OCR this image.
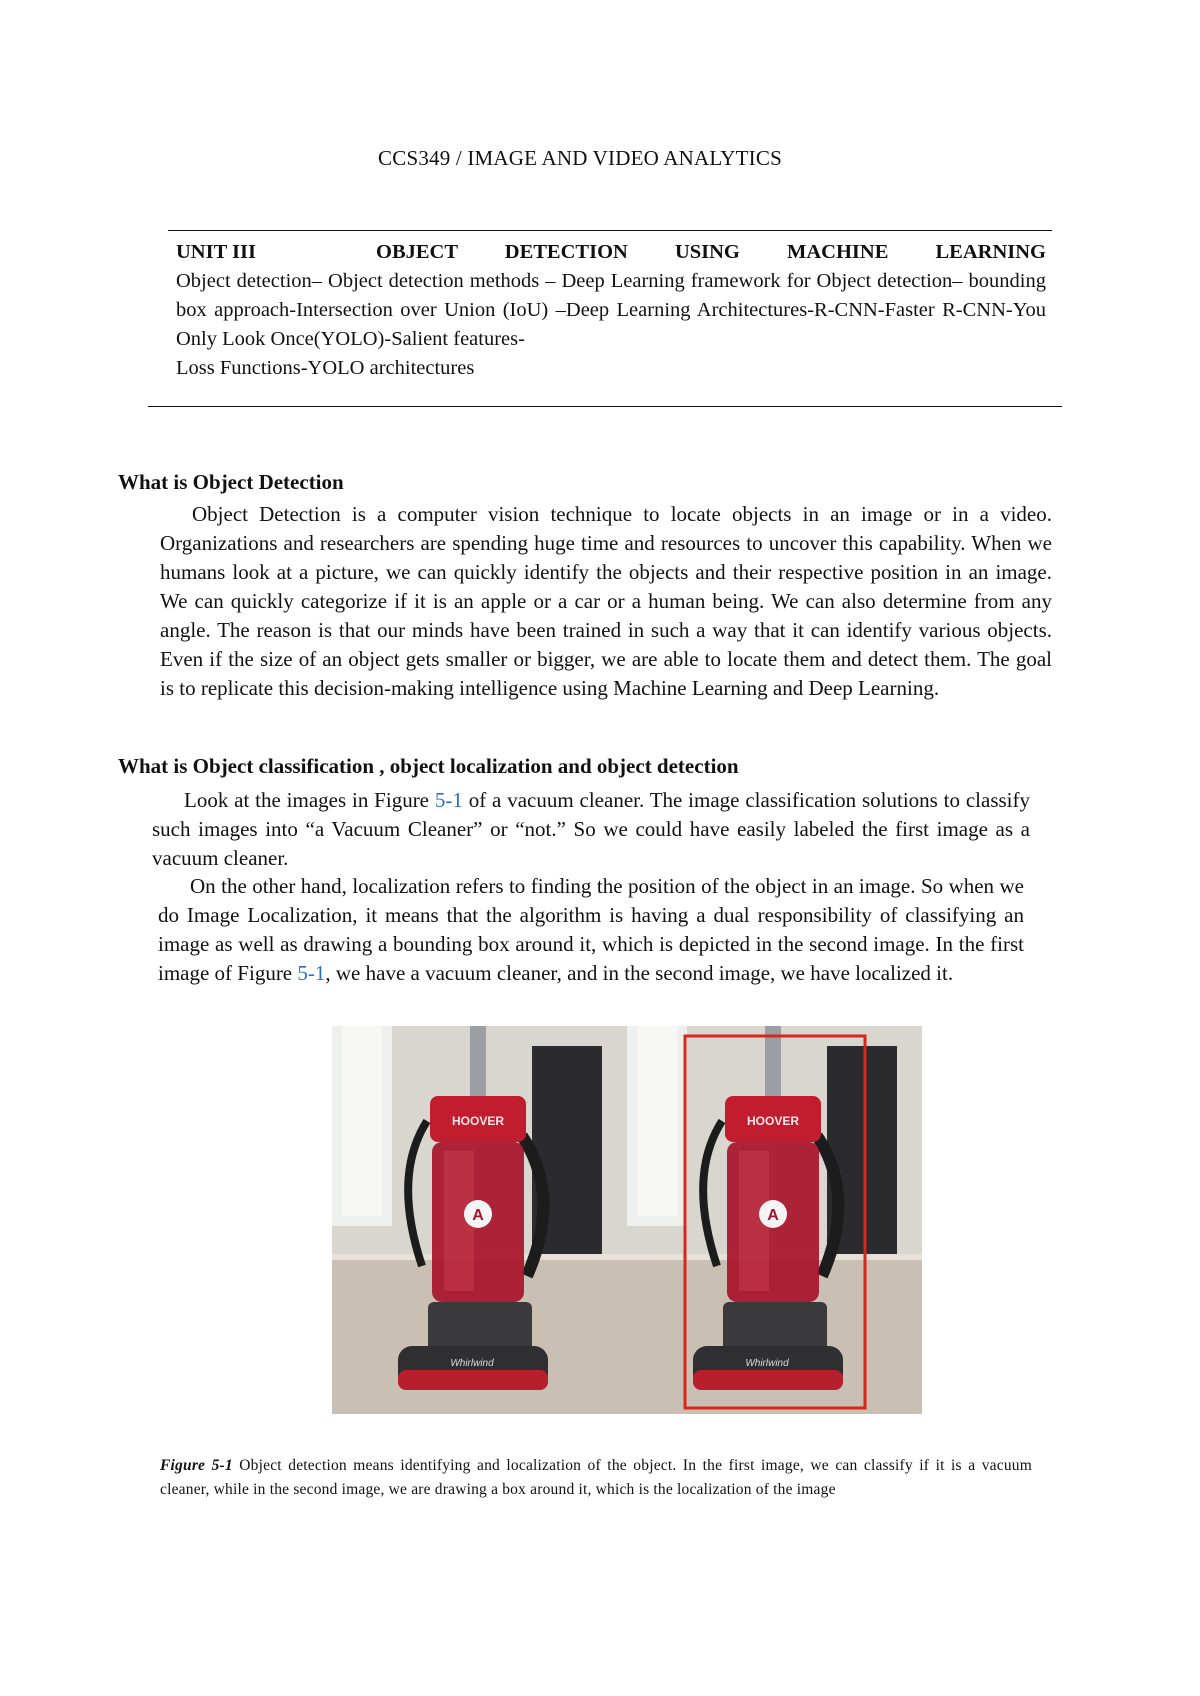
CCS349 / IMAGE AND VIDEO ANALYTICS
UNIT III	OBJECT DETECTION USING MACHINE LEARNING
Object detection– Object detection methods – Deep Learning framework for Object detection– bounding box approach-Intersection over Union (IoU) –Deep Learning Architectures-R-CNN-Faster R-CNN-You Only Look Once(YOLO)-Salient features-
Loss Functions-YOLO architectures
What is Object Detection
Object Detection is a computer vision technique to locate objects in an image or in a video. Organizations and researchers are spending huge time and resources to uncover this capability. When we humans look at a picture, we can quickly identify the objects and their respective position in an image. We can quickly categorize if it is an apple or a car or a human being. We can also determine from any angle. The reason is that our minds have been trained in such a way that it can identify various objects. Even if the size of an object gets smaller or bigger, we are able to locate them and detect them. The goal is to replicate this decision-making intelligence using Machine Learning and Deep Learning.
What is Object classification , object localization and object detection
Look at the images in Figure 5-1 of a vacuum cleaner. The image classification solutions to classify such images into “a Vacuum Cleaner” or “not.” So we could have easily labeled the first image as a vacuum cleaner.
On the other hand, localization refers to finding the position of the object in an image. So when we do Image Localization, it means that the algorithm is having a dual responsibility of classifying an image as well as drawing a bounding box around it, which is depicted in the second image. In the first image of Figure 5-1, we have a vacuum cleaner, and in the second image, we have localized it.
HOOVER
A
Whirlwind
HOOVER
A
Whirlwind
Figure 5-1 Object detection means identifying and localization of the object. In the first image, we can classify if it is a vacuum cleaner, while in the second image, we are drawing a box around it, which is the localization of the image
